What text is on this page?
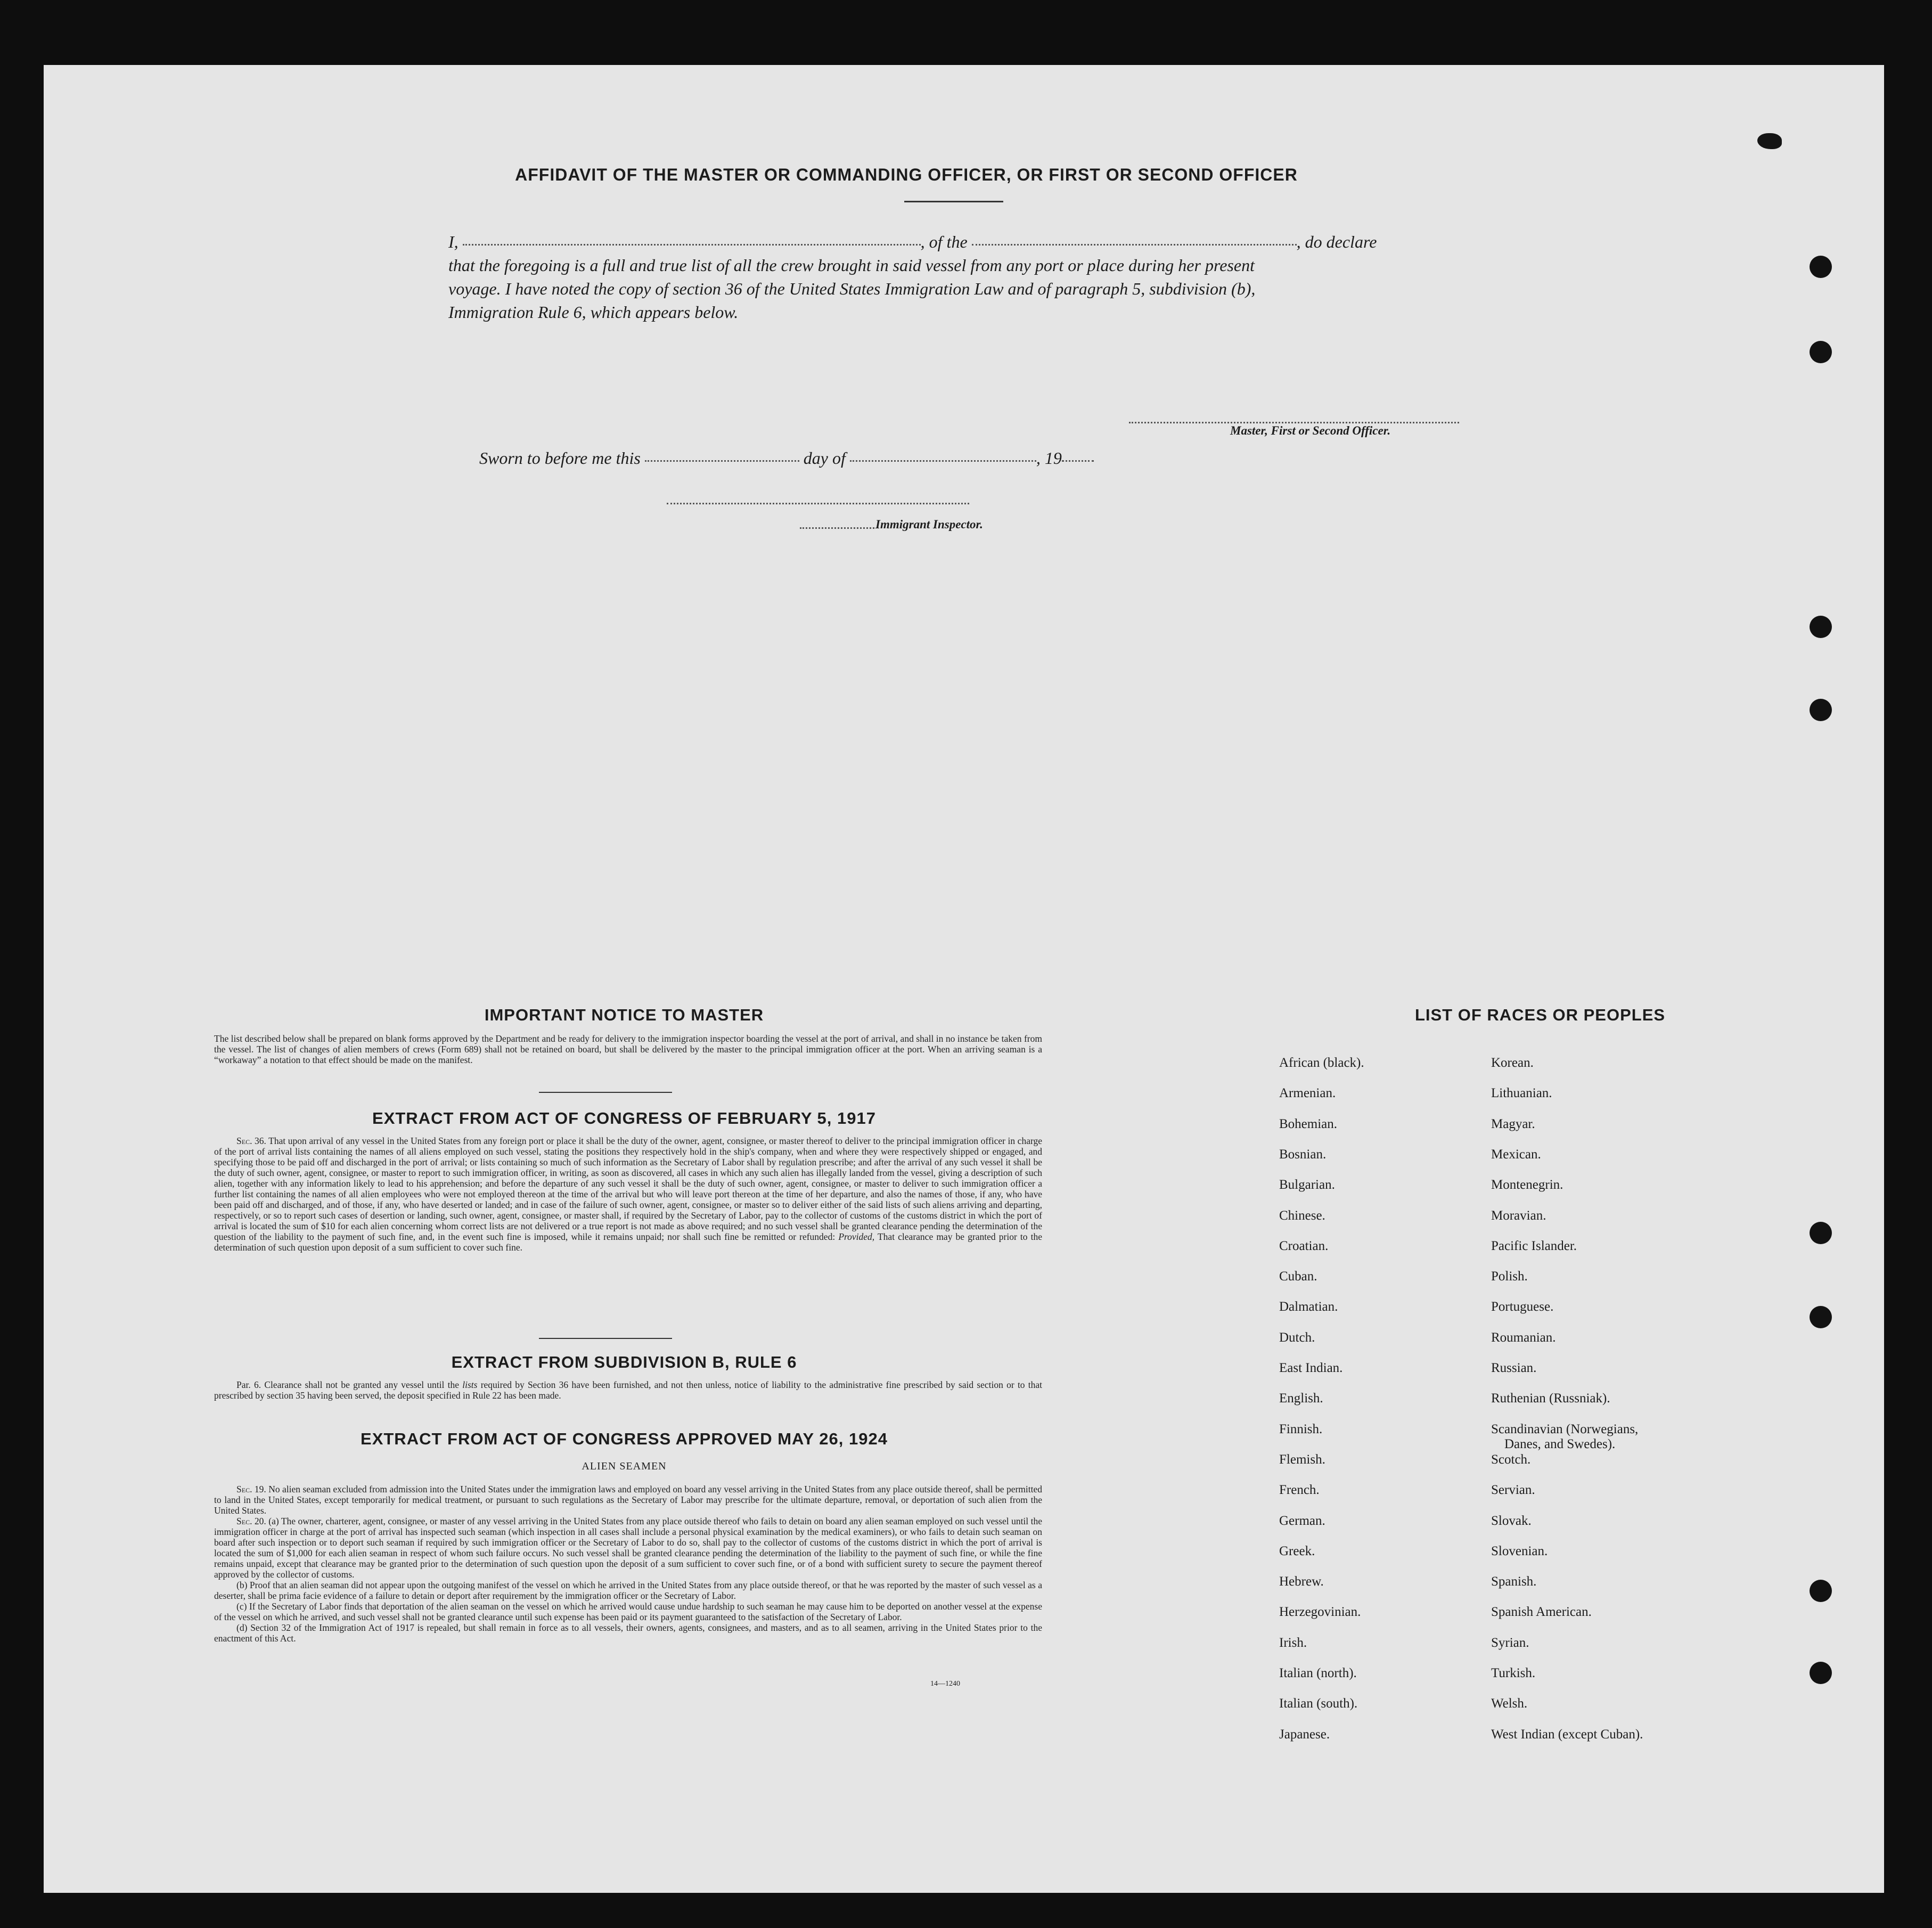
AFFIDAVIT OF THE MASTER OR COMMANDING OFFICER, OR FIRST OR SECOND OFFICER
I,	, of the	, do declare
that the foregoing is a full and true list of all the crew brought in said vessel from any port or place during her present
voyage. I have noted the copy of section 36 of the United States Immigration Law and of paragraph 5, subdivision (b),
Immigration Rule 6, which appears below.
Master, First or Second Officer.
Sworn to before me this	day of	, 19
Immigrant Inspector.
IMPORTANT NOTICE TO MASTER
The list described below shall be prepared on blank forms approved by the Department and be ready for delivery to the immigration inspector boarding the vessel at the port of arrival, and shall in no instance be taken from the vessel. The list of changes of alien members of crews (Form 689) shall not be retained on board, but shall be delivered by the master to the principal immigration officer at the port. When an arriving seaman is a “workaway” a notation to that effect should be made on the manifest.
EXTRACT FROM ACT OF CONGRESS OF FEBRUARY 5, 1917
Sec. 36. That upon arrival of any vessel in the United States from any foreign port or place it shall be the duty of the owner, agent, consignee, or master thereof to deliver to the principal immigration officer in charge of the port of arrival lists containing the names of all aliens employed on such vessel, stating the positions they respectively hold in the ship's company, when and where they were respectively shipped or engaged, and specifying those to be paid off and discharged in the port of arrival; or lists containing so much of such information as the Secretary of Labor shall by regulation prescribe; and after the arrival of any such vessel it shall be the duty of such owner, agent, consignee, or master to report to such immigration officer, in writing, as soon as discovered, all cases in which any such alien has illegally landed from the vessel, giving a description of such alien, together with any information likely to lead to his apprehension; and before the departure of any such vessel it shall be the duty of such owner, agent, consignee, or master to deliver to such immigration officer a further list containing the names of all alien employees who were not employed thereon at the time of the arrival but who will leave port thereon at the time of her departure, and also the names of those, if any, who have been paid off and discharged, and of those, if any, who have deserted or landed; and in case of the failure of such owner, agent, consignee, or master so to deliver either of the said lists of such aliens arriving and departing, respectively, or so to report such cases of desertion or landing, such owner, agent, consignee, or master shall, if required by the Secretary of Labor, pay to the collector of customs of the customs district in which the port of arrival is located the sum of $10 for each alien concerning whom correct lists are not delivered or a true report is not made as above required; and no such vessel shall be granted clearance pending the determination of the question of the liability to the payment of such fine, and, in the event such fine is imposed, while it remains unpaid; nor shall such fine be remitted or refunded: Provided, That clearance may be granted prior to the determination of such question upon deposit of a sum sufficient to cover such fine.
EXTRACT FROM SUBDIVISION B, RULE 6
Par. 6. Clearance shall not be granted any vessel until the lists required by Section 36 have been furnished, and not then unless, notice of liability to the administrative fine prescribed by said section or to that prescribed by section 35 having been served, the deposit specified in Rule 22 has been made.
EXTRACT FROM ACT OF CONGRESS APPROVED MAY 26, 1924
ALIEN SEAMEN
Sec. 19. No alien seaman excluded from admission into the United States under the immigration laws and employed on board any vessel arriving in the United States from any place outside thereof, shall be permitted to land in the United States, except temporarily for medical treatment, or pursuant to such regulations as the Secretary of Labor may prescribe for the ultimate departure, removal, or deportation of such alien from the United States.
Sec. 20. (a) The owner, charterer, agent, consignee, or master of any vessel arriving in the United States from any place outside thereof who fails to detain on board any alien seaman employed on such vessel until the immigration officer in charge at the port of arrival has inspected such seaman (which inspection in all cases shall include a personal physical examination by the medical examiners), or who fails to detain such seaman on board after such inspection or to deport such seaman if required by such immigration officer or the Secretary of Labor to do so, shall pay to the collector of customs of the customs district in which the port of arrival is located the sum of $1,000 for each alien seaman in respect of whom such failure occurs. No such vessel shall be granted clearance pending the determination of the liability to the payment of such fine, or while the fine remains unpaid, except that clearance may be granted prior to the determination of such question upon the deposit of a sum sufficient to cover such fine, or of a bond with sufficient surety to secure the payment thereof approved by the collector of customs.
(b) Proof that an alien seaman did not appear upon the outgoing manifest of the vessel on which he arrived in the United States from any place outside thereof, or that he was reported by the master of such vessel as a deserter, shall be prima facie evidence of a failure to detain or deport after requirement by the immigration officer or the Secretary of Labor.
(c) If the Secretary of Labor finds that deportation of the alien seaman on the vessel on which he arrived would cause undue hardship to such seaman he may cause him to be deported on another vessel at the expense of the vessel on which he arrived, and such vessel shall not be granted clearance until such expense has been paid or its payment guaranteed to the satisfaction of the Secretary of Labor.
(d) Section 32 of the Immigration Act of 1917 is repealed, but shall remain in force as to all vessels, their owners, agents, consignees, and masters, and as to all seamen, arriving in the United States prior to the enactment of this Act.
14—1240
LIST OF RACES OR PEOPLES
African (black).
Armenian.
Bohemian.
Bosnian.
Bulgarian.
Chinese.
Croatian.
Cuban.
Dalmatian.
Dutch.
East Indian.
English.
Finnish.
Flemish.
French.
German.
Greek.
Hebrew.
Herzegovinian.
Irish.
Italian (north).
Italian (south).
Japanese.
Korean.
Lithuanian.
Magyar.
Mexican.
Montenegrin.
Moravian.
Pacific Islander.
Polish.
Portuguese.
Roumanian.
Russian.
Ruthenian (Russniak).
Scandinavian (Norwegians,
Danes, and Swedes).
Scotch.
Servian.
Slovak.
Slovenian.
Spanish.
Spanish American.
Syrian.
Turkish.
Welsh.
West Indian (except Cuban).
